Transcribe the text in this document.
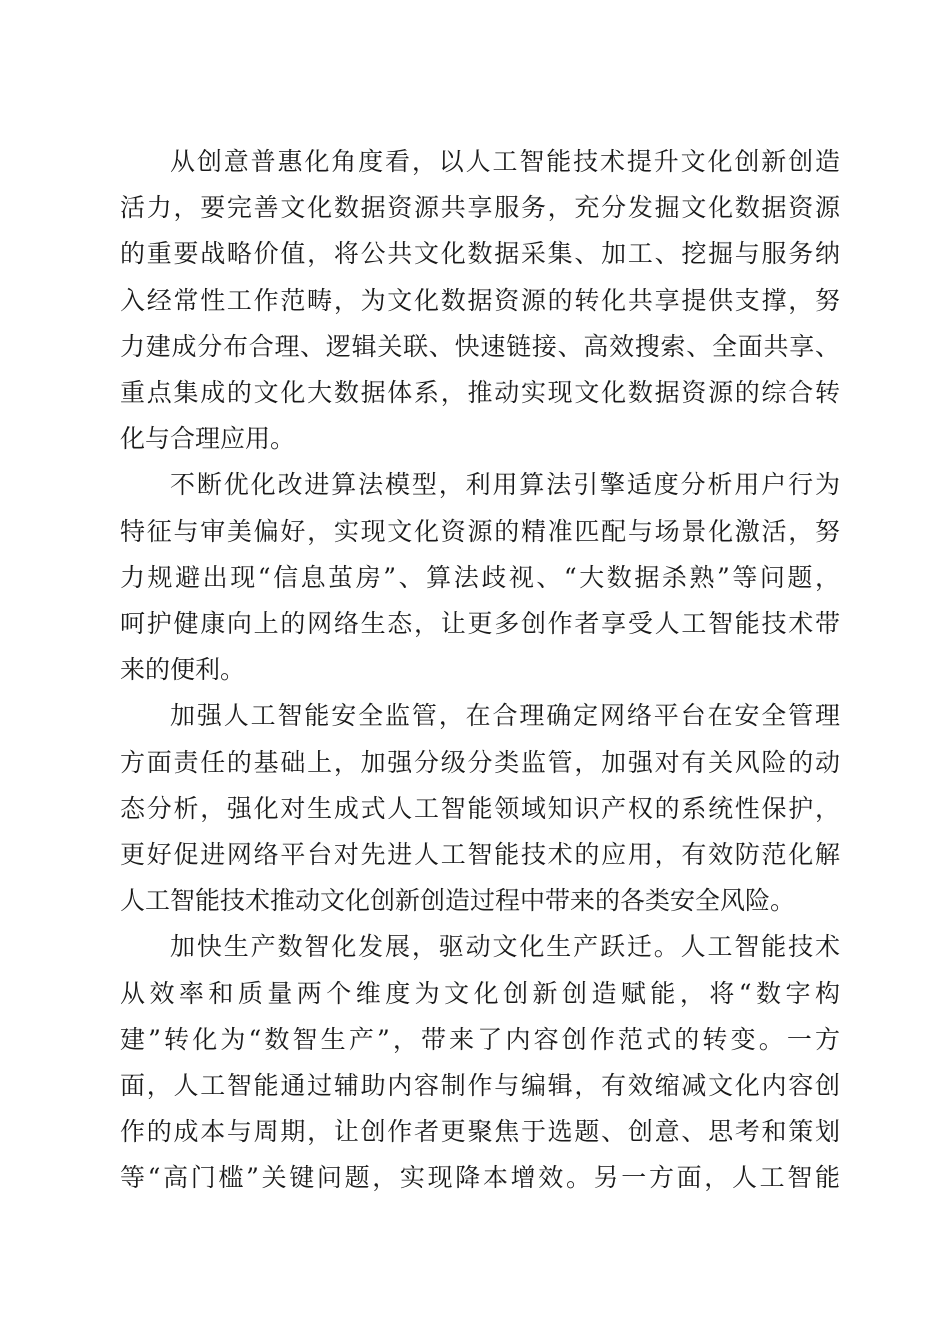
从创意普惠化角度看，以人工智能技术提升文化创新创造
活力，要完善文化数据资源共享服务，充分发掘文化数据资源
的重要战略价值，将公共文化数据采集、加工、挖掘与服务纳
入经常性工作范畴，为文化数据资源的转化共享提供支撑，努
力建成分布合理、逻辑关联、快速链接、高效搜索、全面共享、
重点集成的文化大数据体系，推动实现文化数据资源的综合转
化与合理应用。

不断优化改进算法模型，利用算法引擎适度分析用户行为
特征与审美偏好，实现文化资源的精准匹配与场景化激活，努
力规避出现“信息茧房”、算法歧视、“大数据杀熟”等问题，
呵护健康向上的网络生态，让更多创作者享受人工智能技术带
来的便利。

加强人工智能安全监管，在合理确定网络平台在安全管理
方面责任的基础上，加强分级分类监管，加强对有关风险的动
态分析，强化对生成式人工智能领域知识产权的系统性保护，
更好促进网络平台对先进人工智能技术的应用，有效防范化解
人工智能技术推动文化创新创造过程中带来的各类安全风险。

加快生产数智化发展，驱动文化生产跃迁。人工智能技术
从效率和质量两个维度为文化创新创造赋能，将“数字构
建”转化为“数智生产”，带来了内容创作范式的转变。一方
面，人工智能通过辅助内容制作与编辑，有效缩减文化内容创
作的成本与周期，让创作者更聚焦于选题、创意、思考和策划
等“高门槛”关键问题，实现降本增效。另一方面，人工智能
